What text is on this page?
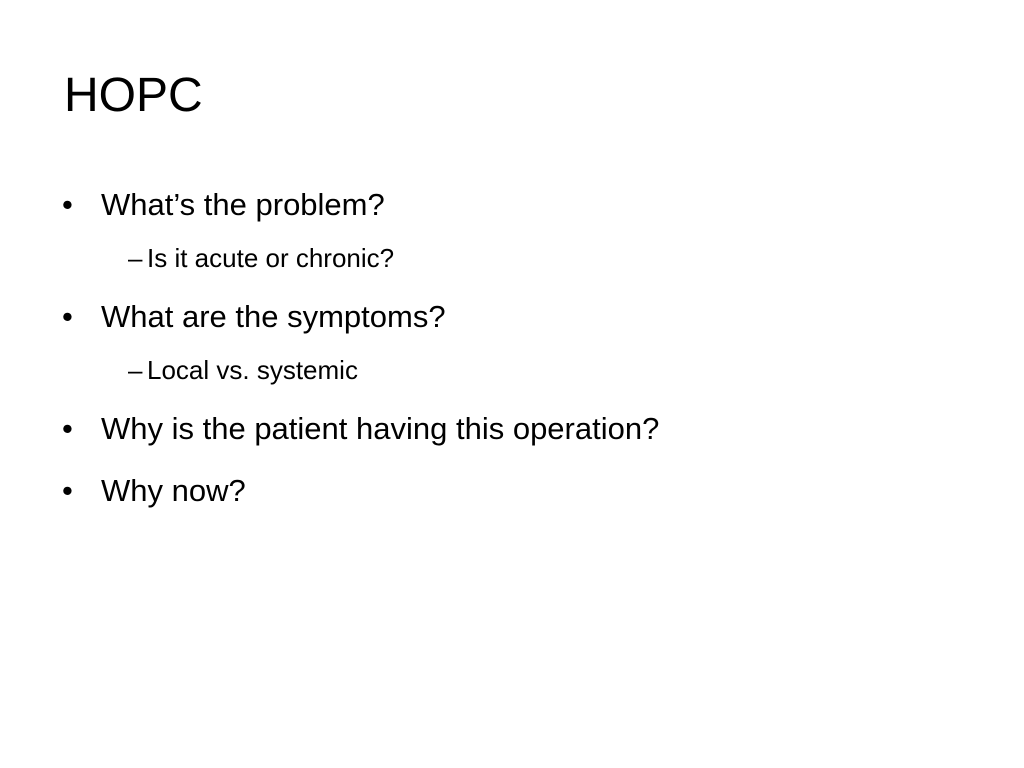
HOPC
• What’s the problem?
– Is it acute or chronic?
• What are the symptoms?
– Local vs. systemic
• Why is the patient having this operation?
• Why now?
